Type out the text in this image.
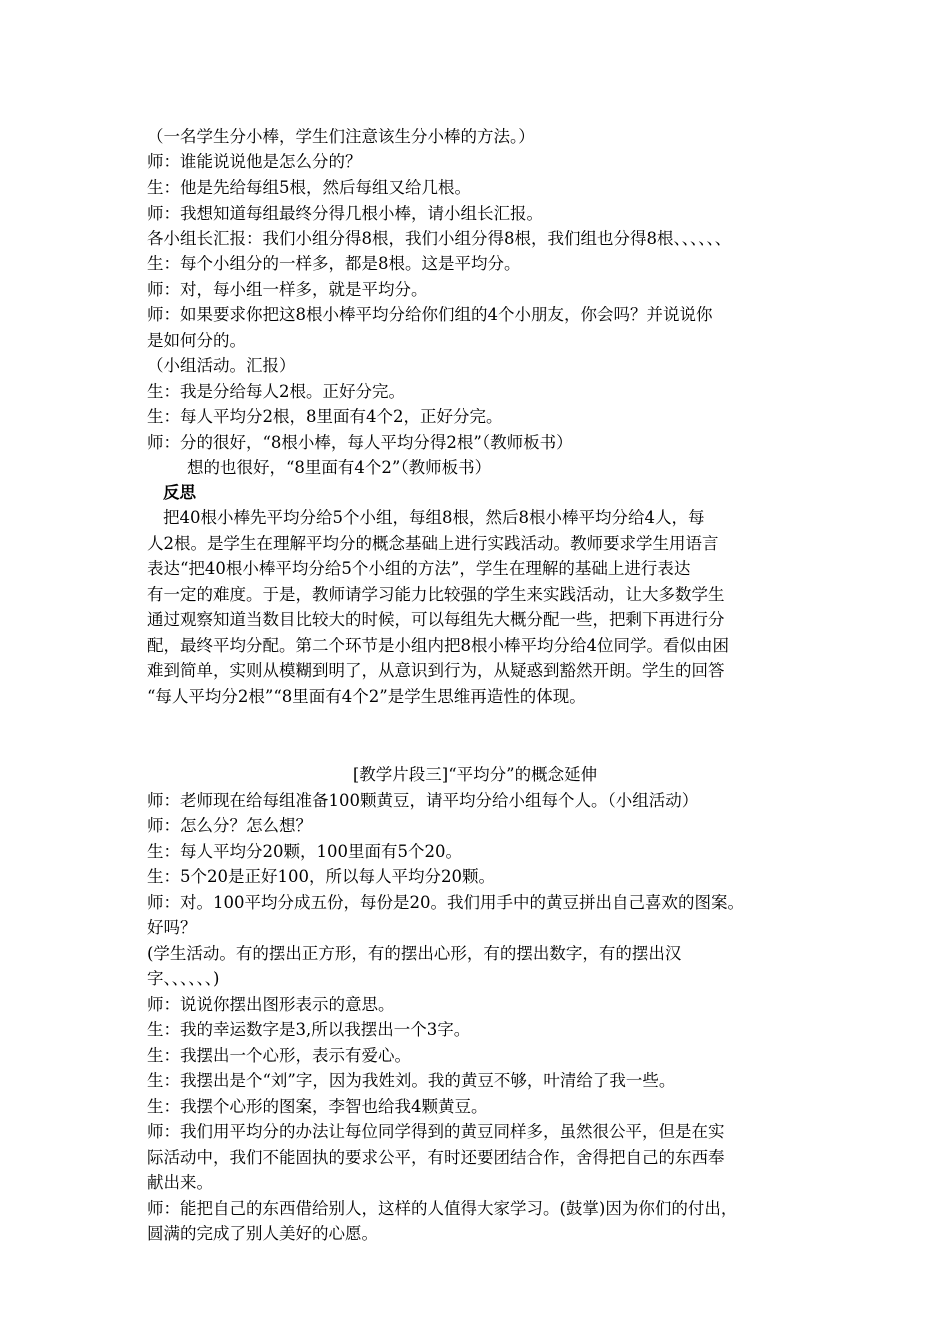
（一名学生分小棒，学生们注意该生分小棒的方法。）
师：谁能说说他是怎么分的？
生：他是先给每组5根，然后每组又给几根。
师：我想知道每组最终分得几根小棒，请小组长汇报。
各小组长汇报：我们小组分得8根，我们小组分得8根，我们组也分得8根、、、、、、
生：每个小组分的一样多，都是8根。这是平均分。
师：对，每小组一样多，就是平均分。
师：如果要求你把这8根小棒平均分给你们组的4个小朋友，你会吗？并说说你
是如何分的。
（小组活动。汇报）
生：我是分给每人2根。正好分完。
生：每人平均分2根，8里面有4个2，正好分完。
师：分的很好，“8根小棒，每人平均分得2根”（教师板书）
想的也很好，“8里面有4个2”（教师板书）
反思
把40根小棒先平均分给5个小组，每组8根，然后8根小棒平均分给4人，每
人2根。是学生在理解平均分的概念基础上进行实践活动。教师要求学生用语言
表达“把40根小棒平均分给5个小组的方法”，学生在理解的基础上进行表达
有一定的难度。于是，教师请学习能力比较强的学生来实践活动，让大多数学生
通过观察知道当数目比较大的时候，可以每组先大概分配一些，把剩下再进行分
配，最终平均分配。第二个环节是小组内把8根小棒平均分给4位同学。看似由困
难到简单，实则从模糊到明了，从意识到行为，从疑惑到豁然开朗。学生的回答
“每人平均分2根”“8里面有4个2”是学生思维再造性的体现。
[教学片段三]“平均分”的概念延伸
师：老师现在给每组准备100颗黄豆，请平均分给小组每个人。（小组活动）
师：怎么分？怎么想？
生：每人平均分20颗，100里面有5个20。
生：5个20是正好100，所以每人平均分20颗。
师：对。100平均分成五份，每份是20。我们用手中的黄豆拼出自己喜欢的图案。
好吗？
(学生活动。有的摆出正方形，有的摆出心形，有的摆出数字，有的摆出汉
字、、、、、、)
师：说说你摆出图形表示的意思。
生：我的幸运数字是3,所以我摆出一个3字。
生：我摆出一个心形，表示有爱心。
生：我摆出是个“刘”字，因为我姓刘。我的黄豆不够，叶清给了我一些。
生：我摆个心形的图案，李智也给我4颗黄豆。
师：我们用平均分的办法让每位同学得到的黄豆同样多，虽然很公平，但是在实
际活动中，我们不能固执的要求公平，有时还要团结合作，舍得把自己的东西奉
献出来。
师：能把自己的东西借给别人，这样的人值得大家学习。(鼓掌)因为你们的付出，
圆满的完成了别人美好的心愿。
